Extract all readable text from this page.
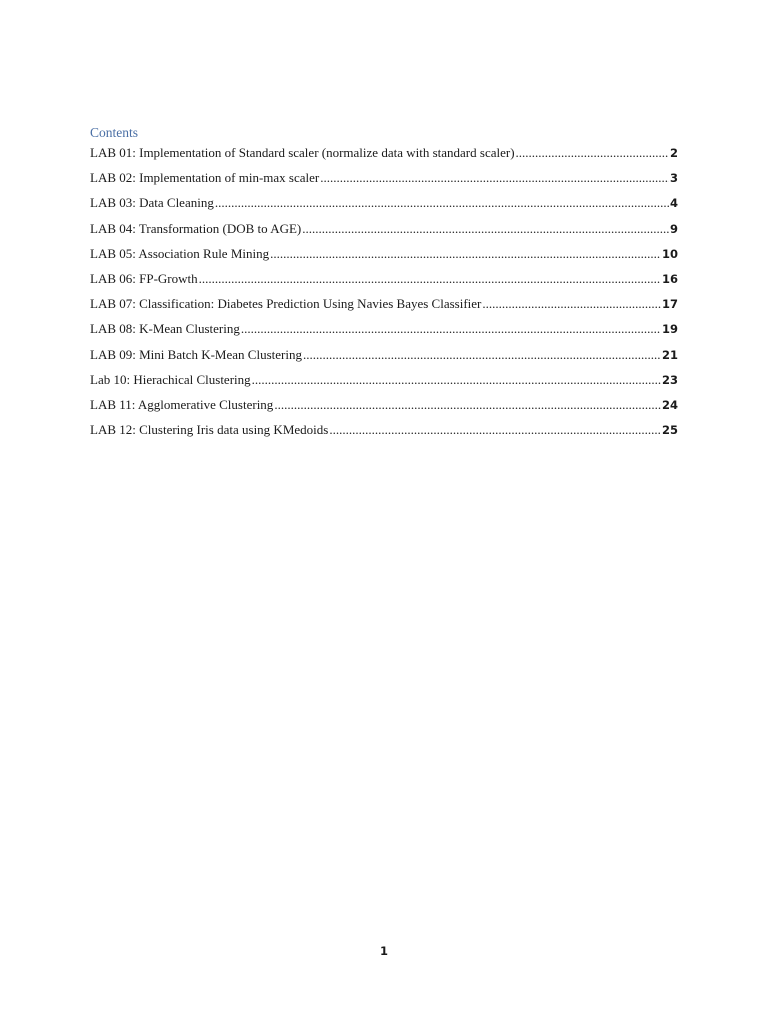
Contents
LAB 01: Implementation of Standard scaler (normalize data with standard scaler) .....	2
LAB 02: Implementation of min-max scaler .....	3
LAB 03: Data Cleaning .....	4
LAB 04: Transformation (DOB to AGE) .....	9
LAB 05: Association Rule Mining .....	10
LAB 06: FP-Growth .....	16
LAB 07: Classification: Diabetes Prediction Using Navies Bayes Classifier .....	17
LAB 08: K-Mean Clustering .....	19
LAB 09: Mini Batch K-Mean Clustering .....	21
Lab 10: Hierachical Clustering .....	23
LAB 11: Agglomerative Clustering .....	24
LAB 12: Clustering Iris data using KMedoids .....	25
1
